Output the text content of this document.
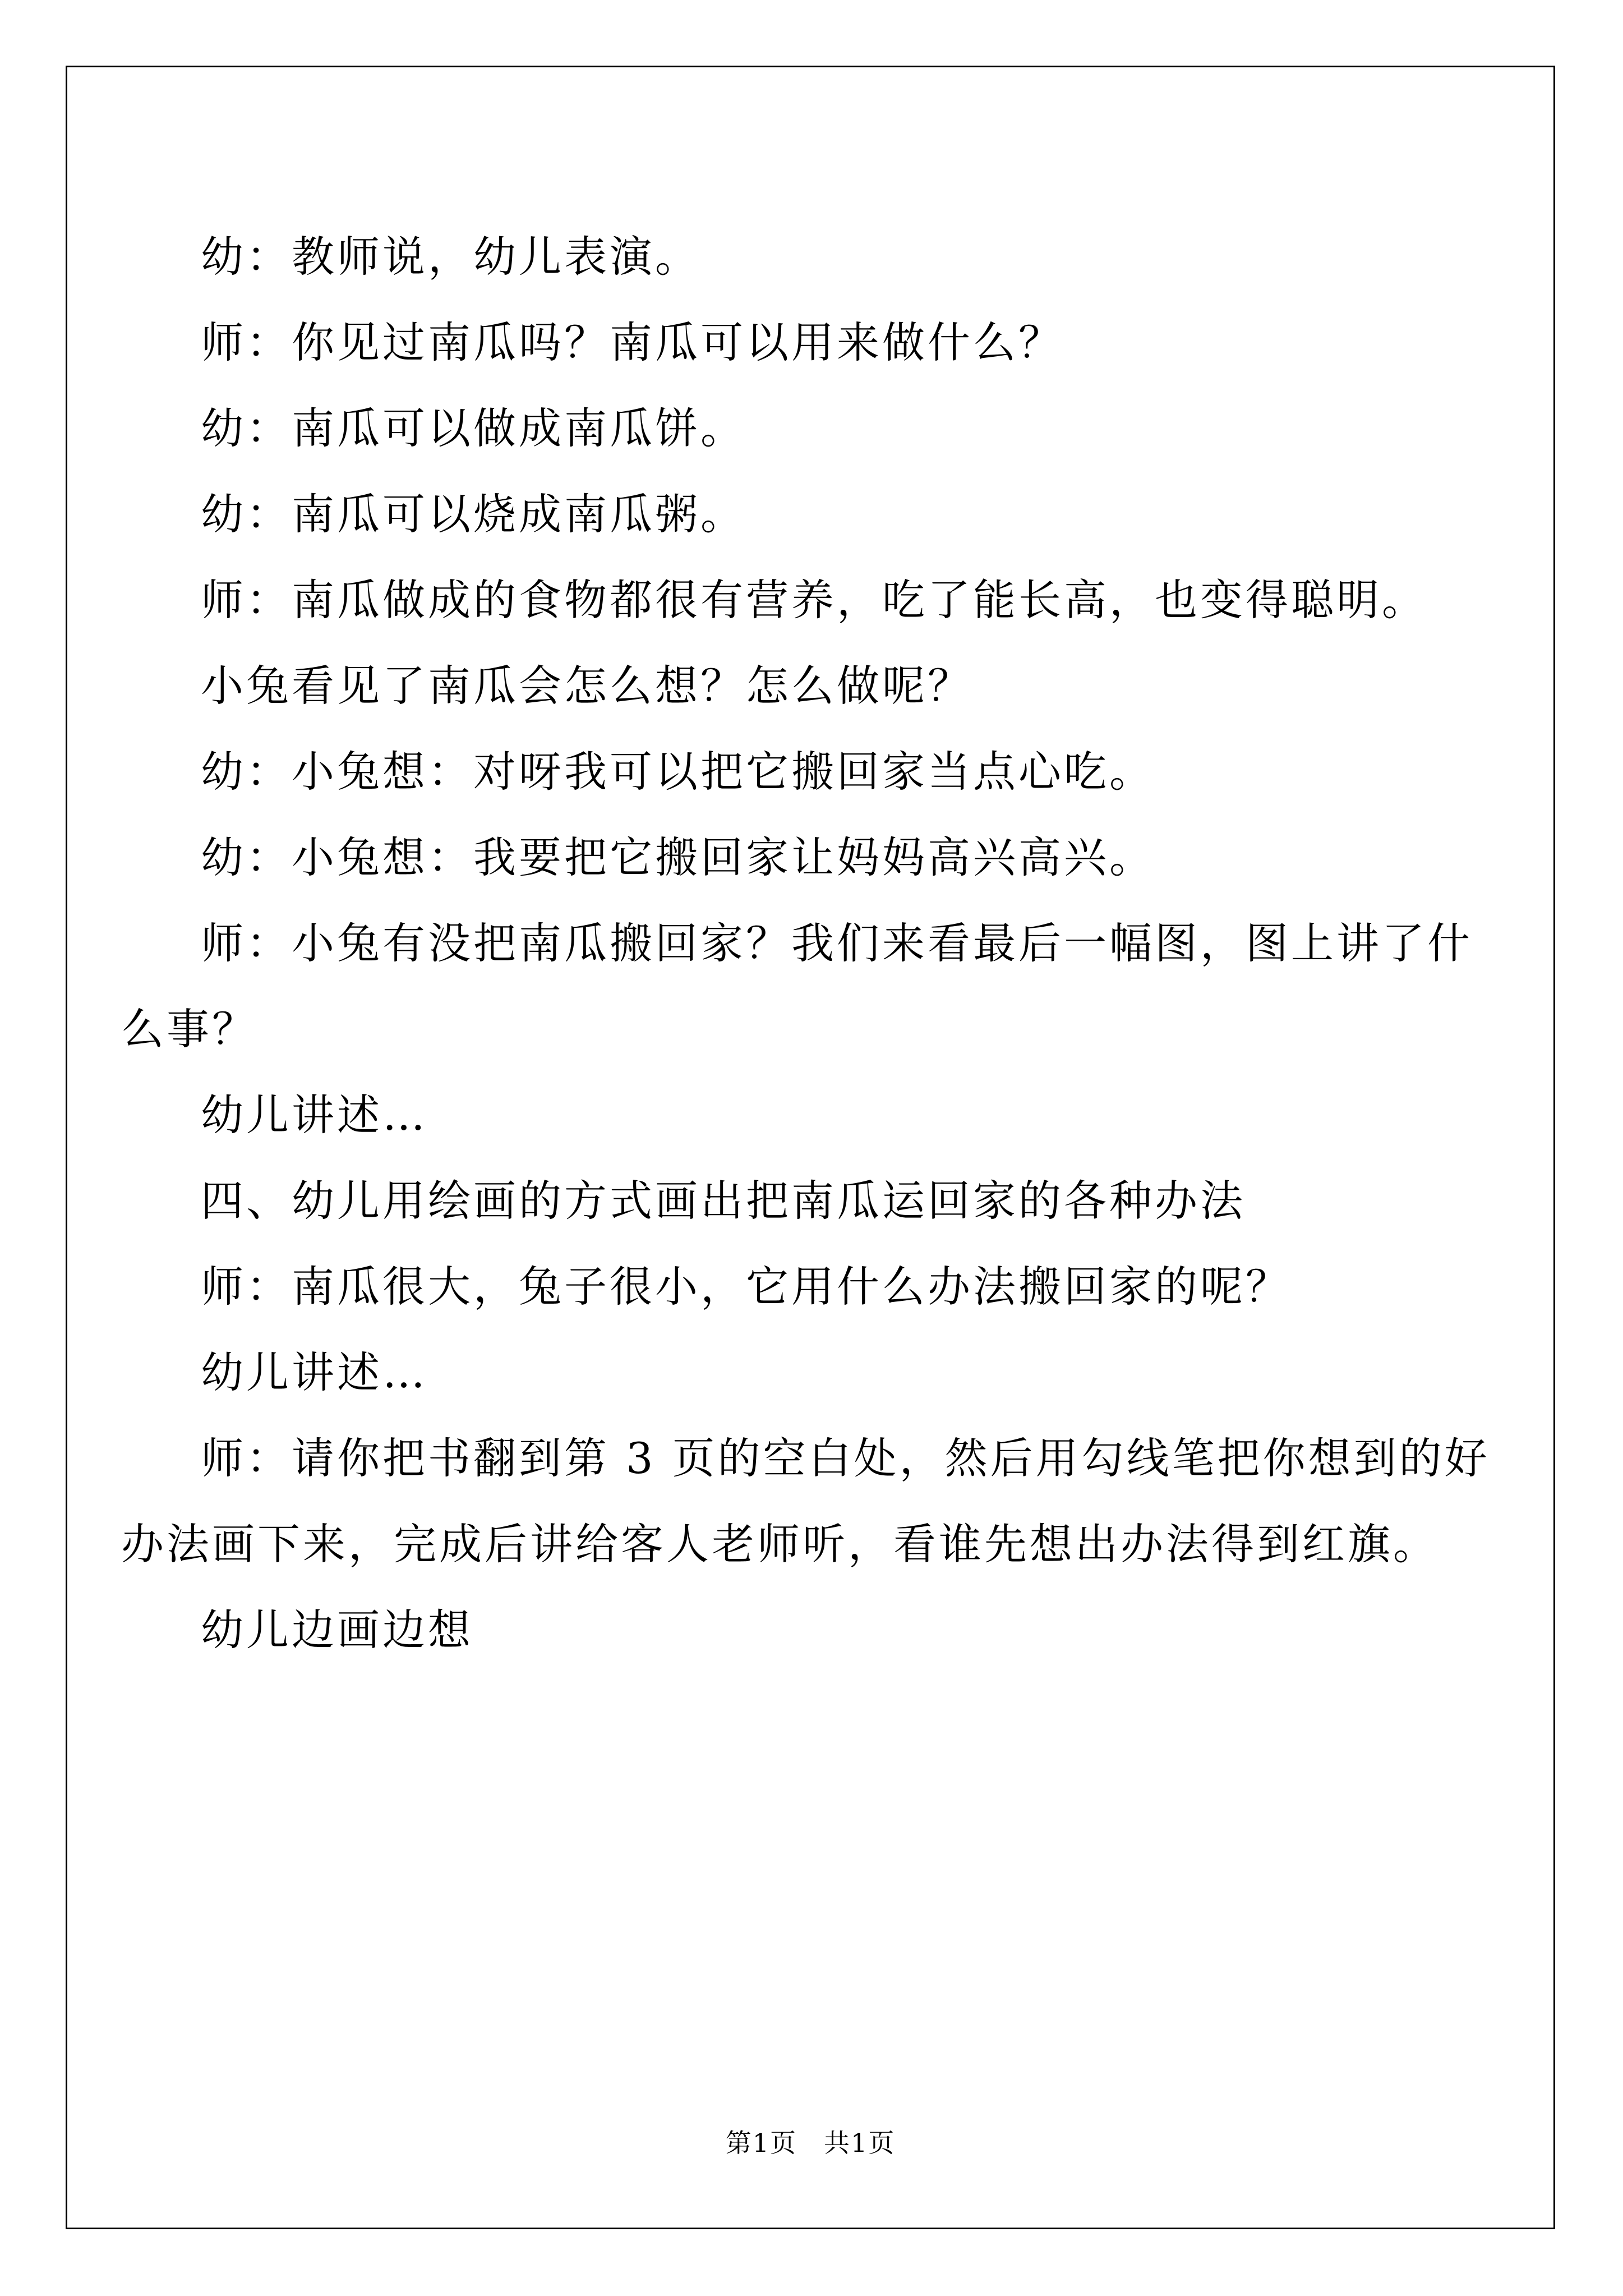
幼：教师说，幼儿表演。
师：你见过南瓜吗？南瓜可以用来做什么？
幼：南瓜可以做成南瓜饼。
幼：南瓜可以烧成南瓜粥。
师：南瓜做成的食物都很有营养，吃了能长高，也变得聪明。
小兔看见了南瓜会怎么想？怎么做呢？
幼：小兔想：对呀我可以把它搬回家当点心吃。
幼：小兔想：我要把它搬回家让妈妈高兴高兴。
师：小兔有没把南瓜搬回家？我们来看最后一幅图，图上讲了什
么事？
幼儿讲述…
四、幼儿用绘画的方式画出把南瓜运回家的各种办法
师：南瓜很大，兔子很小，它用什么办法搬回家的呢？
幼儿讲述…
师：请你把书翻到第 3 页的空白处，然后用勾线笔把你想到的好
办法画下来，完成后讲给客人老师听，看谁先想出办法得到红旗。
幼儿边画边想
第1页　共1页
